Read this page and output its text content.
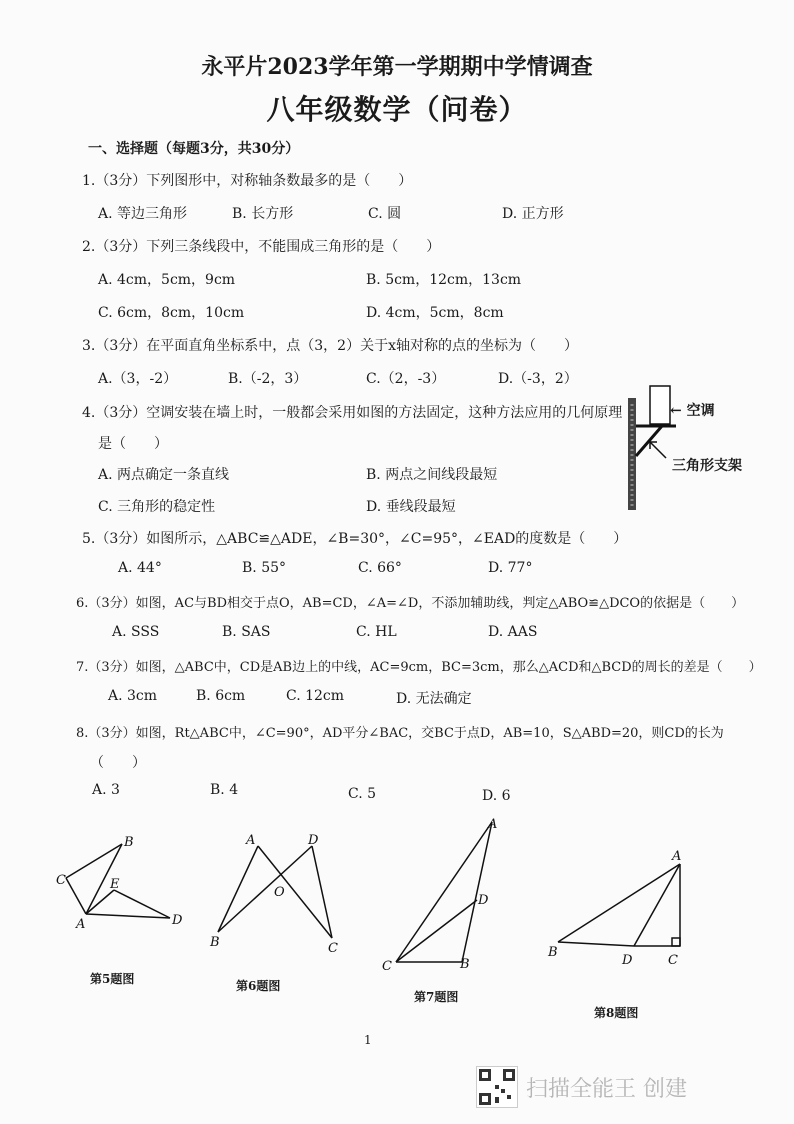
永平片2023学年第一学期期中学情调查
八年级数学（问卷）
一、选择题（每题3分，共30分）
1.（3分）下列图形中，对称轴条数最多的是（　　）
A. 等边三角形	B. 长方形	C. 圆	D. 正方形
2.（3分）下列三条线段中，不能围成三角形的是（　　）
A. 4cm，5cm，9cm	B. 5cm，12cm，13cm
C. 6cm，8cm，10cm	D. 4cm，5cm，8cm
3.（3分）在平面直角坐标系中，点（3，2）关于x轴对称的点的坐标为（　　）
A.（3，-2）	B.（-2，3）	C.（2，-3）	D.（-3，2）
4.（3分）空调安装在墙上时，一般都会采用如图的方法固定，这种方法应用的几何原理
是（　　）
A. 两点确定一条直线	B. 两点之间线段最短
C. 三角形的稳定性	D. 垂线段最短
← 空调
三角形支架
5.（3分）如图所示，△ABC≌△ADE，∠B=30°，∠C=95°，∠EAD的度数是（　　）
A. 44°	B. 55°	C. 66°	D. 77°
6.（3分）如图，AC与BD相交于点O，AB=CD，∠A=∠D，不添加辅助线，判定△ABO≌△DCO的依据是（　　）
A. SSS	B. SAS	C. HL	D. AAS
7.（3分）如图，△ABC中，CD是AB边上的中线，AC=9cm，BC=3cm，那么△ACD和△BCD的周长的差是（　　）
A. 3cm	B. 6cm	C. 12cm	D. 无法确定
8.（3分）如图，Rt△ABC中，∠C=90°，AD平分∠BAC，交BC于点D，AB=10，S△ABD=20，则CD的长为
（　　）
A. 3	B. 4	C. 5	D. 6
B
C	E
A	D
第5题图
A	D
O
B	C
第6题图
A
D
C	B
第7题图
A
B
D	C
第8题图
1
扫描全能王 创建
